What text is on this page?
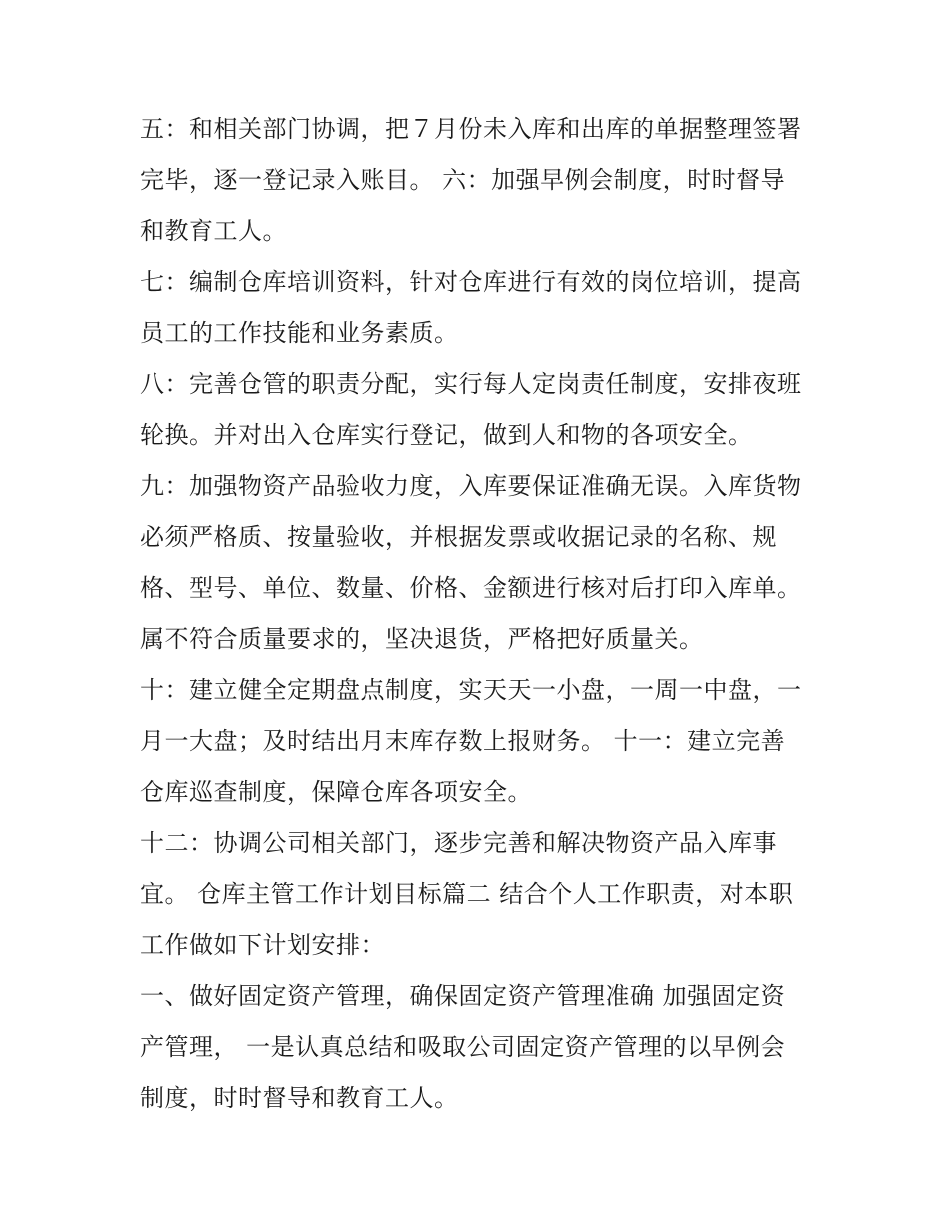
五：和相关部门协调，把７月份未入库和出库的单据整理签署
完毕，逐一登记录入账目。 六：加强早例会制度，时时督导
和教育工人。
七：编制仓库培训资料，针对仓库进行有效的岗位培训，提高
员工的工作技能和业务素质。
八：完善仓管的职责分配，实行每人定岗责任制度，安排夜班
轮换。并对出入仓库实行登记，做到人和物的各项安全。
九：加强物资产品验收力度，入库要保证准确无误。入库货物
必须严格质、按量验收，并根据发票或收据记录的名称、规
格、型号、单位、数量、价格、金额进行核对后打印入库单。
属不符合质量要求的，坚决退货，严格把好质量关。
十：建立健全定期盘点制度，实天天一小盘，一周一中盘，一
月一大盘；及时结出月末库存数上报财务。 十一：建立完善
仓库巡查制度，保障仓库各项安全。
十二：协调公司相关部门，逐步完善和解决物资产品入库事
宜。 仓库主管工作计划目标篇二 结合个人工作职责，对本职
工作做如下计划安排：
一、做好固定资产管理，确保固定资产管理准确 加强固定资
产管理， 一是认真总结和吸取公司固定资产管理的以早例会
制度，时时督导和教育工人。
